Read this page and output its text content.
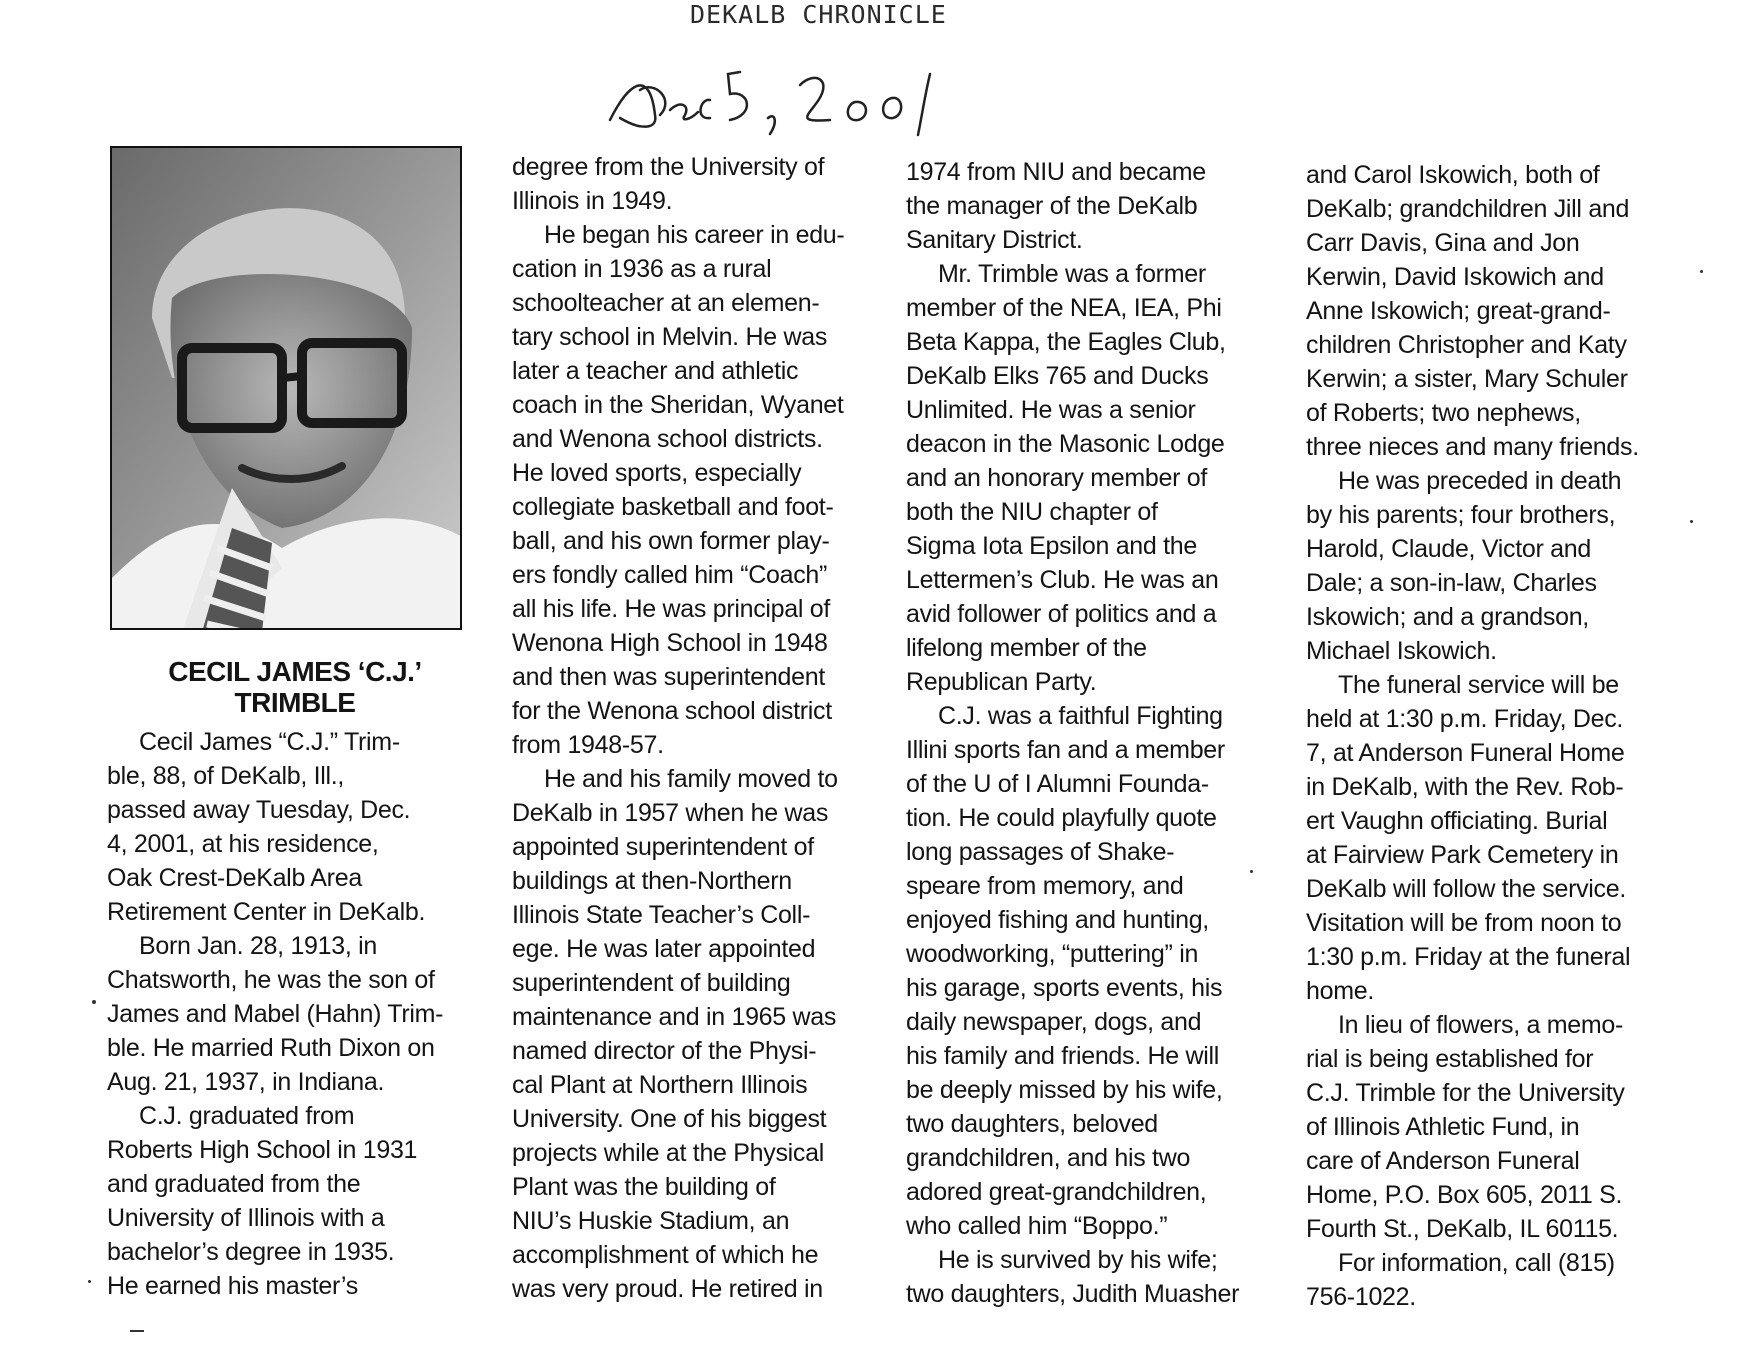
DEKALB CHRONICLE
CECIL JAMES ‘C.J.’
TRIMBLE

Cecil James “C.J.” Trim-

ble, 88, of DeKalb, Ill.,

passed away Tuesday, Dec.

4, 2001, at his residence,

Oak Crest-DeKalb Area

Retirement Center in DeKalb.

Born Jan. 28, 1913, in

Chatsworth, he was the son of

James and Mabel (Hahn) Trim-

ble. He married Ruth Dixon on

Aug. 21, 1937, in Indiana.

C.J. graduated from

Roberts High School in 1931

and graduated from the

University of Illinois with a

bachelor’s degree in 1935.

He earned his master’s

degree from the University of

Illinois in 1949.

He began his career in edu-

cation in 1936 as a rural

schoolteacher at an elemen-

tary school in Melvin. He was

later a teacher and athletic

coach in the Sheridan, Wyanet

and Wenona school districts.

He loved sports, especially

collegiate basketball and foot-

ball, and his own former play-

ers fondly called him “Coach”

all his life. He was principal of

Wenona High School in 1948

and then was superintendent

for the Wenona school district

from 1948-57.

He and his family moved to

DeKalb in 1957 when he was

appointed superintendent of

buildings at then-Northern

Illinois State Teacher’s Coll-

ege. He was later appointed

superintendent of building

maintenance and in 1965 was

named director of the Physi-

cal Plant at Northern Illinois

University. One of his biggest

projects while at the Physical

Plant was the building of

NIU’s Huskie Stadium, an

accomplishment of which he

was very proud. He retired in

1974 from NIU and became

the manager of the DeKalb

Sanitary District.

Mr. Trimble was a former

member of the NEA, IEA, Phi

Beta Kappa, the Eagles Club,

DeKalb Elks 765 and Ducks

Unlimited. He was a senior

deacon in the Masonic Lodge

and an honorary member of

both the NIU chapter of

Sigma Iota Epsilon and the

Lettermen’s Club. He was an

avid follower of politics and a

lifelong member of the

Republican Party.

C.J. was a faithful Fighting

Illini sports fan and a member

of the U of I Alumni Founda-

tion. He could playfully quote

long passages of Shake-

speare from memory, and

enjoyed fishing and hunting,

woodworking, “puttering” in

his garage, sports events, his

daily newspaper, dogs, and

his family and friends. He will

be deeply missed by his wife,

two daughters, beloved

grandchildren, and his two

adored great-grandchildren,

who called him “Boppo.”

He is survived by his wife;

two daughters, Judith Muasher

and Carol Iskowich, both of

DeKalb; grandchildren Jill and

Carr Davis, Gina and Jon

Kerwin, David Iskowich and

Anne Iskowich; great-grand-

children Christopher and Katy

Kerwin; a sister, Mary Schuler

of Roberts; two nephews,

three nieces and many friends.

He was preceded in death

by his parents; four brothers,

Harold, Claude, Victor and

Dale; a son-in-law, Charles

Iskowich; and a grandson,

Michael Iskowich.

The funeral service will be

held at 1:30 p.m. Friday, Dec.

7, at Anderson Funeral Home

in DeKalb, with the Rev. Rob-

ert Vaughn officiating. Burial

at Fairview Park Cemetery in

DeKalb will follow the service.

Visitation will be from noon to

1:30 p.m. Friday at the funeral

home.

In lieu of flowers, a memo-

rial is being established for

C.J. Trimble for the University

of Illinois Athletic Fund, in

care of Anderson Funeral

Home, P.O. Box 605, 2011 S.

Fourth St., DeKalb, IL 60115.

For information, call (815)

756-1022.
